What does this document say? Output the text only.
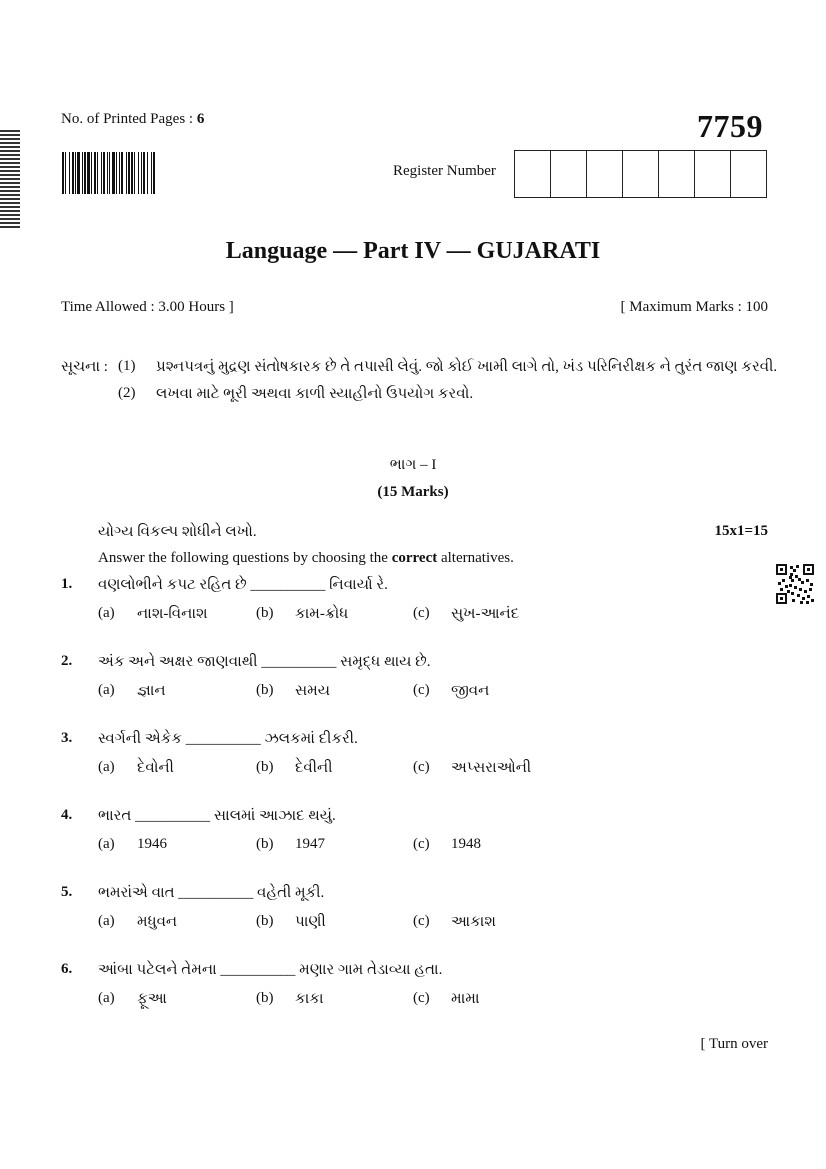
No. of Printed Pages : 6	7759
Register Number
Language — Part IV — GUJARATI
Time Allowed : 3.00 Hours ]	[ Maximum Marks : 100
સૂચના : (1) પ્રશ્નપત્રનું મુદ્રણ સંતોષકારક છે તે તપાસી લેવું. જો કોઈ ખામી લાગે તો, ખંડ પરિનિરીક્ષક ને તુરંત જાણ કરવી.
(2) લખવા માટે ભૂરી અથવા કાળી સ્યાહીનો ઉપયોગ કરવો.
ભાગ – I
(15 Marks)
યોગ્ય વિકલ્પ શોધીને લખો.	15x1=15
Answer the following questions by choosing the correct alternatives.
1. વણલોભીને કપટ રહિત છે __________ નિવાર્યા રે.
(a) નાશ-વિનાશ	(b) કામ-ક્રોધ	(c) સુખ-આનંદ
2. અંક અને અક્ષર જાણવાથી __________ સમૃદ્ધ થાય છે.
(a) જ્ઞાન	(b) સમય	(c) જીવન
3. સ્વર્ગની એકેક __________ ઝલકમાં દીકરી.
(a) દેવોની	(b) દેવીની	(c) અપ્સરાઓની
4. ભારત __________ સાલમાં આઝાદ થયું.
(a) 1946	(b) 1947	(c) 1948
5. ભમરાંએ વાત __________ વહેતી મૂકી.
(a) મધુવન	(b) પાણી	(c) આકાશ
6. આંબા પટેલને તેમના __________ મણાર ગામ તેડાવ્યા હતા.
(a) ફૂઆ	(b) કાકા	(c) મામા
[ Turn over
